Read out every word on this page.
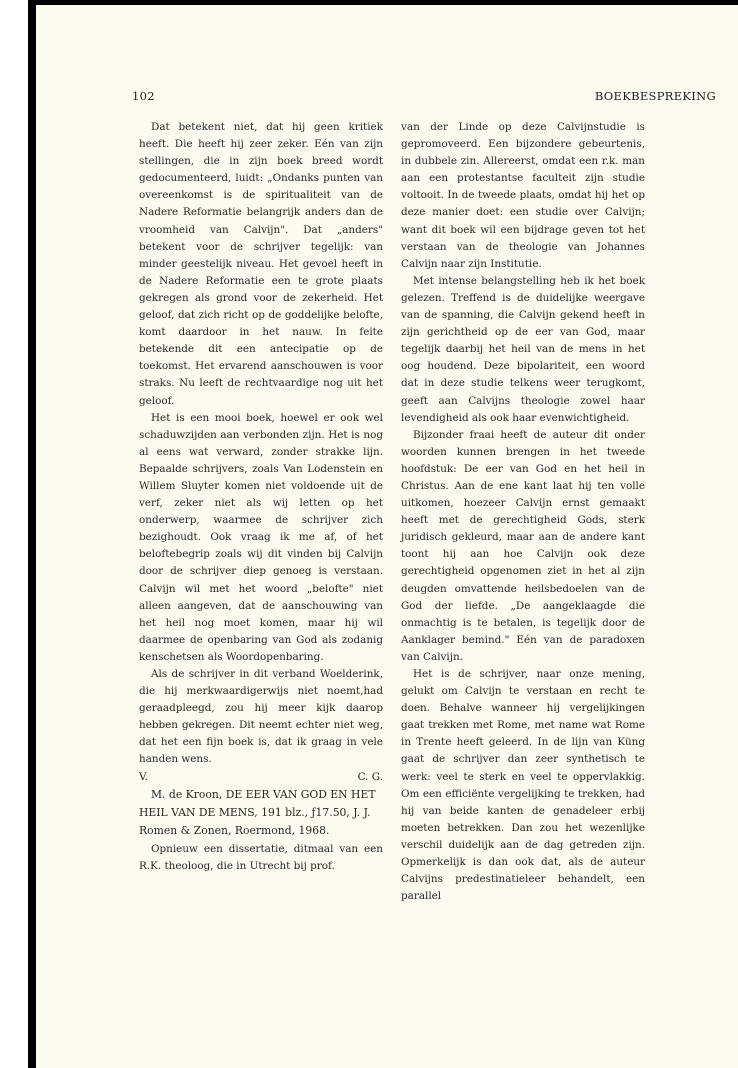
102	BOEKBESPREKING

Dat betekent niet, dat hij geen kritiek heeft. Die heeft hij zeer zeker. Eén van zijn stellingen, die in zijn boek breed wordt gedocumenteerd, luidt: „Ondanks punten van overeenkomst is de spiritualiteit van de Nadere Reformatie belangrijk anders dan de vroomheid van Calvijn". Dat „anders" betekent voor de schrijver tegelijk: van minder geestelijk niveau. Het gevoel heeft in de Nadere Reformatie een te grote plaats gekregen als grond voor de zekerheid. Het geloof, dat zich richt op de goddelijke belofte, komt daardoor in het nauw. In feite betekende dit een antecipatie op de toekomst. Het ervarend aanschouwen is voor straks. Nu leeft de rechtvaardige nog uit het geloof.

Het is een mooi boek, hoewel er ook wel schaduwzijden aan verbonden zijn. Het is nog al eens wat verward, zonder strakke lijn. Bepaalde schrijvers, zoals Van Lodenstein en Willem Sluyter komen niet voldoende uit de verf, zeker niet als wij letten op het onderwerp, waarmee de schrijver zich bezighoudt. Ook vraag ik me af, of het beloftebegrip zoals wij dit vinden bij Calvijn door de schrijver diep genoeg is verstaan. Calvijn wil met het woord „belofte" niet alleen aangeven, dat de aanschouwing van het heil nog moet komen, maar hij wil daarmee de openbaring van God als zodanig kenschetsen als Woordopenbaring.

Als de schrijver in dit verband Woelderink, die hij merkwaardigerwijs niet noemt,had geraadpleegd, zou hij meer kijk daarop hebben gekregen. Dit neemt echter niet weg, dat het een fijn boek is, dat ik graag in vele handen wens.

V.	C. G.

M. de Kroon, DE EER VAN GOD EN HET HEIL VAN DE MENS, 191 blz., ƒ17.50, J. J. Romen & Zonen, Roermond, 1968.

Opnieuw een dissertatie, ditmaal van een R.K. theoloog, die in Utrecht bij prof.

van der Linde op deze Calvijnstudie is gepromoveerd. Een bijzondere gebeurtenis, in dubbele zin. Allereerst, omdat een r.k. man aan een protestantse faculteit zijn studie voltooit. In de tweede plaats, omdat hij het op deze manier doet: een studie over Calvijn; want dit boek wil een bijdrage geven tot het verstaan van de theologie van Johannes Calvijn naar zijn Institutie.

Met intense belangstelling heb ik het boek gelezen. Treffend is de duidelijke weergave van de spanning, die Calvijn gekend heeft in zijn gerichtheid op de eer van God, maar tegelijk daarbij het heil van de mens in het oog houdend. Deze bipolariteit, een woord dat in deze studie telkens weer terugkomt, geeft aan Calvijns theologie zowel haar levendigheid als ook haar evenwichtigheid.

Bijzonder fraai heeft de auteur dit onder woorden kunnen brengen in het tweede hoofdstuk: De eer van God en het heil in Christus. Aan de ene kant laat hij ten volle uitkomen, hoezeer Calvijn ernst gemaakt heeft met de gerechtigheid Gods, sterk juridisch gekleurd, maar aan de andere kant toont hij aan hoe Calvijn ook deze gerechtigheid opgenomen ziet in het al zijn deugden omvattende heilsbedoelen van de God der liefde. „De aangeklaagde die onmachtig is te betalen, is tegelijk door de Aanklager bemind." Eén van de paradoxen van Calvijn.

Het is de schrijver, naar onze mening, gelukt om Calvijn te verstaan en recht te doen. Behalve wanneer hij vergelijkingen gaat trekken met Rome, met name wat Rome in Trente heeft geleerd. In de lijn van Küng gaat de schrijver dan zeer synthetisch te werk: veel te sterk en veel te oppervlakkig. Om een efficiënte vergelijking te trekken, had hij van beide kanten de genadeleer erbij moeten betrekken. Dan zou het wezenlijke verschil duidelijk aan de dag getreden zijn. Opmerkelijk is dan ook dat, als de auteur Calvijns predestinatieleer behandelt, een parallel
